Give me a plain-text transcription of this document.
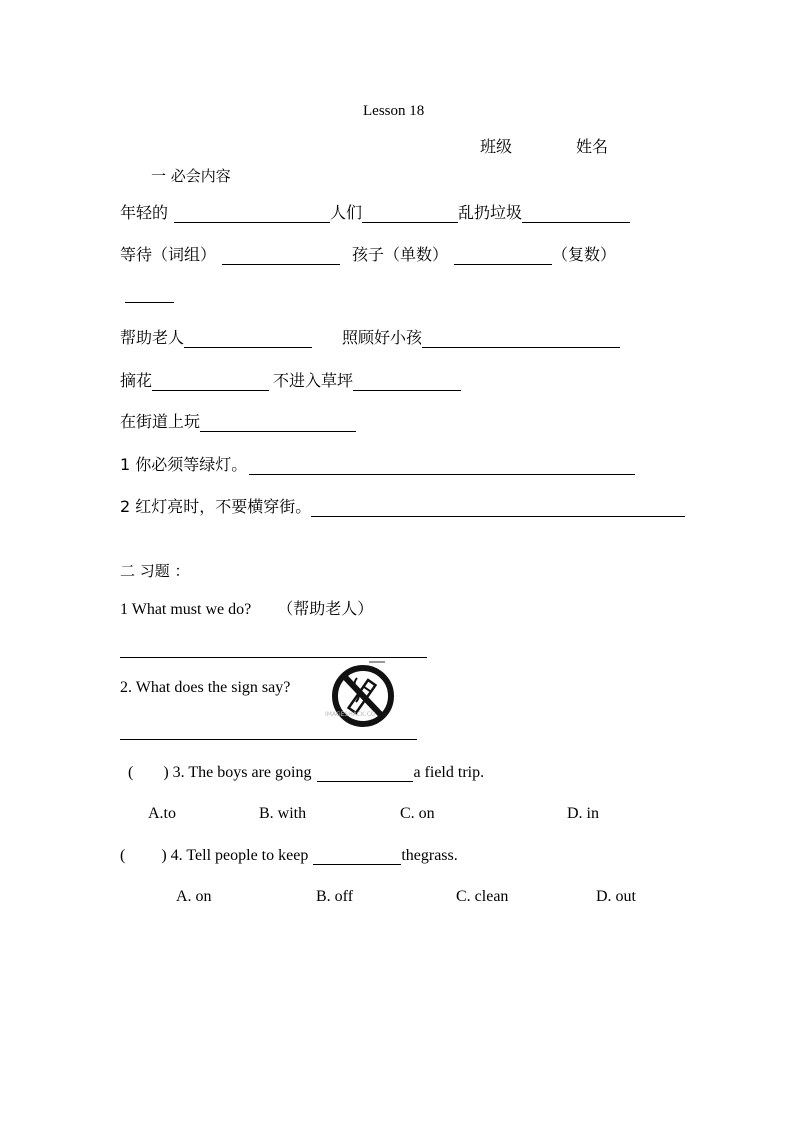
Lesson 18
班级	姓名
一 必会内容
年轻的	人们	乱扔垃圾
等待（词组）	孩子（单数）	（复数）
帮助老人	照顾好小孩
摘花	不进入草坪
在街道上玩
1 你必须等绿灯。
2 红灯亮时，不要横穿街。
二 习题 ：
1 What must we do? （帮助老人）
2. What does the sign say?
IMAGESHACK.CO
( ) 3. The boys are going	a field trip.
A.to	B. with	C. on	D. in
( ) 4. Tell people to keep	thegrass.
A. on	B. off	C. clean	D. out
